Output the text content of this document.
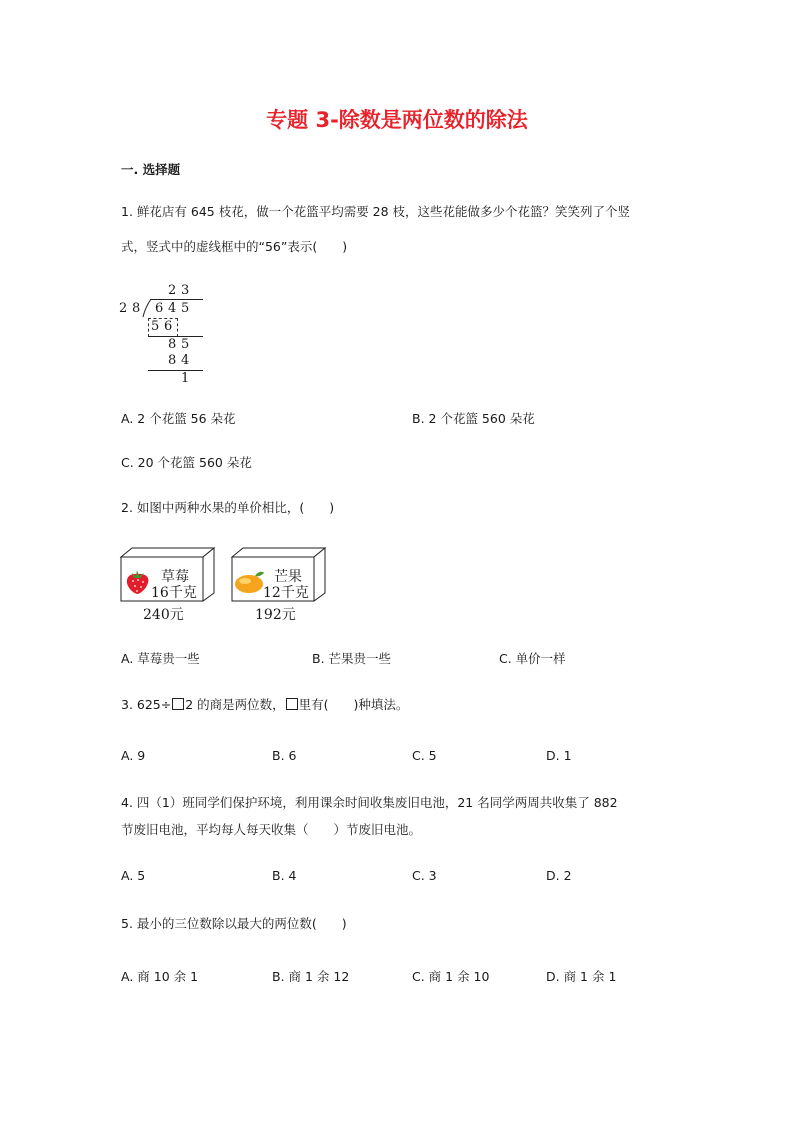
专题 3-除数是两位数的除法
一. 选择题
1. 鲜花店有 645 枝花，做一个花篮平均需要 28 枝，这些花能做多少个花篮？笑笑列了个竖
式，竖式中的虚线框中的“56”表示(　　)
2 3
2 8 6 4 5
5 6
8 5
8 4
1
A. 2 个花篮 56 朵花	B. 2 个花篮 560 朵花
C. 20 个花篮 560 朵花
2. 如图中两种水果的单价相比，(　　)
草莓
16千克
240元
芒果
12千克
192元
A. 草莓贵一些	B. 芒果贵一些	C. 单价一样
3. 625÷ 2 的商是两位数， 里有(　　)种填法。
A. 9	B. 6	C. 5	D. 1
4. 四（1）班同学们保护环境，利用课余时间收集废旧电池，21 名同学两周共收集了 882
节废旧电池，平均每人每天收集（　　）节废旧电池。
A. 5	B. 4	C. 3	D. 2
5. 最小的三位数除以最大的两位数(　　)
A. 商 10 余 1	B. 商 1 余 12	C. 商 1 余 10	D. 商 1 余 1
